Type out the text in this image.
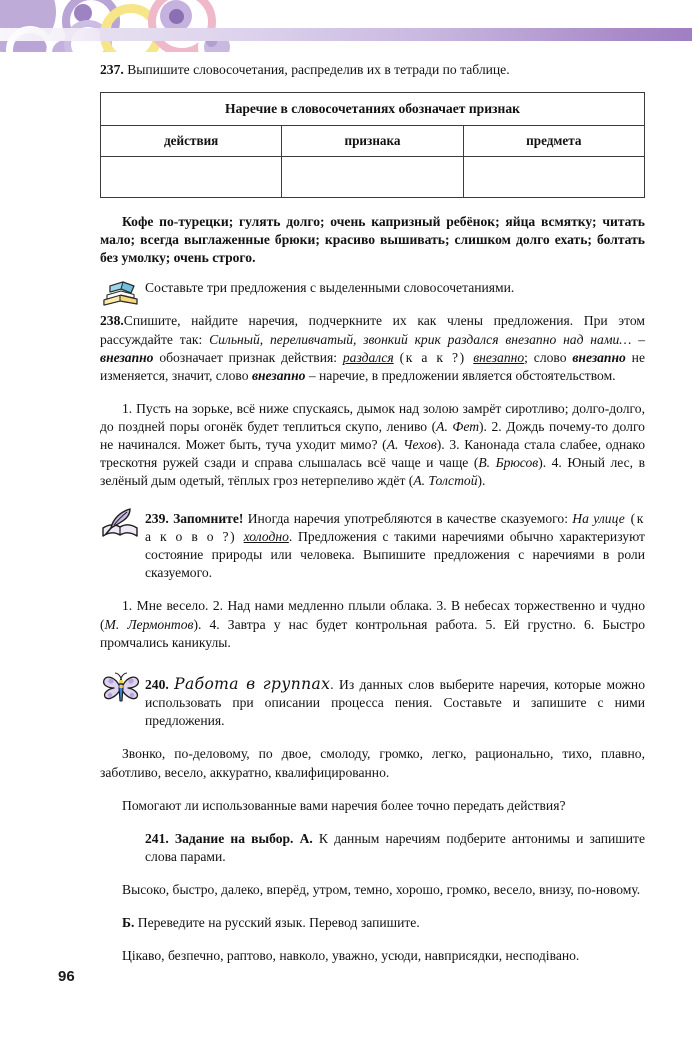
237. Выпишите словосочетания, распределив их в тетради по таблице.

Наречие в словосочетаниях обозначает признак		
действия	признака	предмета

Кофе по-турецки; гулять долго; очень капризный ребёнок; яйца всмятку; читать мало; всегда выглаженные брюки; красиво вышивать; слишком долго ехать; болтать без умолку; очень строго.

Составьте три предложения с выделенными словосочетаниями.

238.Спишите, найдите наречия, подчеркните их как члены предложения. При этом рассуждайте так: Сильный, переливчатый, звонкий крик раздался внезапно над нами… – внезапно обозначает признак действия: раздался (к а к ?) внезапно; слово внезапно не изменяется, значит, слово внезапно – наречие, в предложении является обстоятельством.

1. Пусть на зорьке, всё ниже спускаясь, дымок над золою замрёт сиротливо; долго-долго, до поздней поры огонёк будет теплиться скупо, лениво (А. Фет). 2. Дождь почему-то долго не начинался. Может быть, туча уходит мимо? (А. Чехов). 3. Канонада стала слабее, однако трескотня ружей сзади и справа слышалась всё чаще и чаще (В. Брюсов). 4. Юный лес, в зелёный дым одетый, тёплых гроз нетерпеливо ждёт (А. Толстой).

239. Запомните! Иногда наречия употребляются в качестве сказуемого: На улице (к а к о в о ?) холодно. Предложения с такими наречиями обычно характеризуют состояние природы или человека. Выпишите предложения с наречиями в роли сказуемого.

1. Мне весело. 2. Над нами медленно плыли облака. 3. В небесах торжественно и чудно (М. Лермонтов). 4. Завтра у нас будет контрольная работа. 5. Ей грустно. 6. Быстро промчались каникулы.

240. Работа в группах. Из данных слов выберите наречия, которые можно использовать при описании процесса пения. Составьте и запишите с ними предложения.

Звонко, по-деловому, по двое, смолоду, громко, легко, рационально, тихо, плавно, заботливо, весело, аккуратно, квалифицированно.

Помогают ли использованные вами наречия более точно передать действия?

241. Задание на выбор. А. К данным наречиям подберите антонимы и запишите слова парами.

Высоко, быстро, далеко, вперёд, утром, темно, хорошо, громко, весело, внизу, по-новому.

Б. Переведите на русский язык. Перевод запишите.

Цікаво, безпечно, раптово, навколо, уважно, усюди, навприсядки, несподівано.

96
